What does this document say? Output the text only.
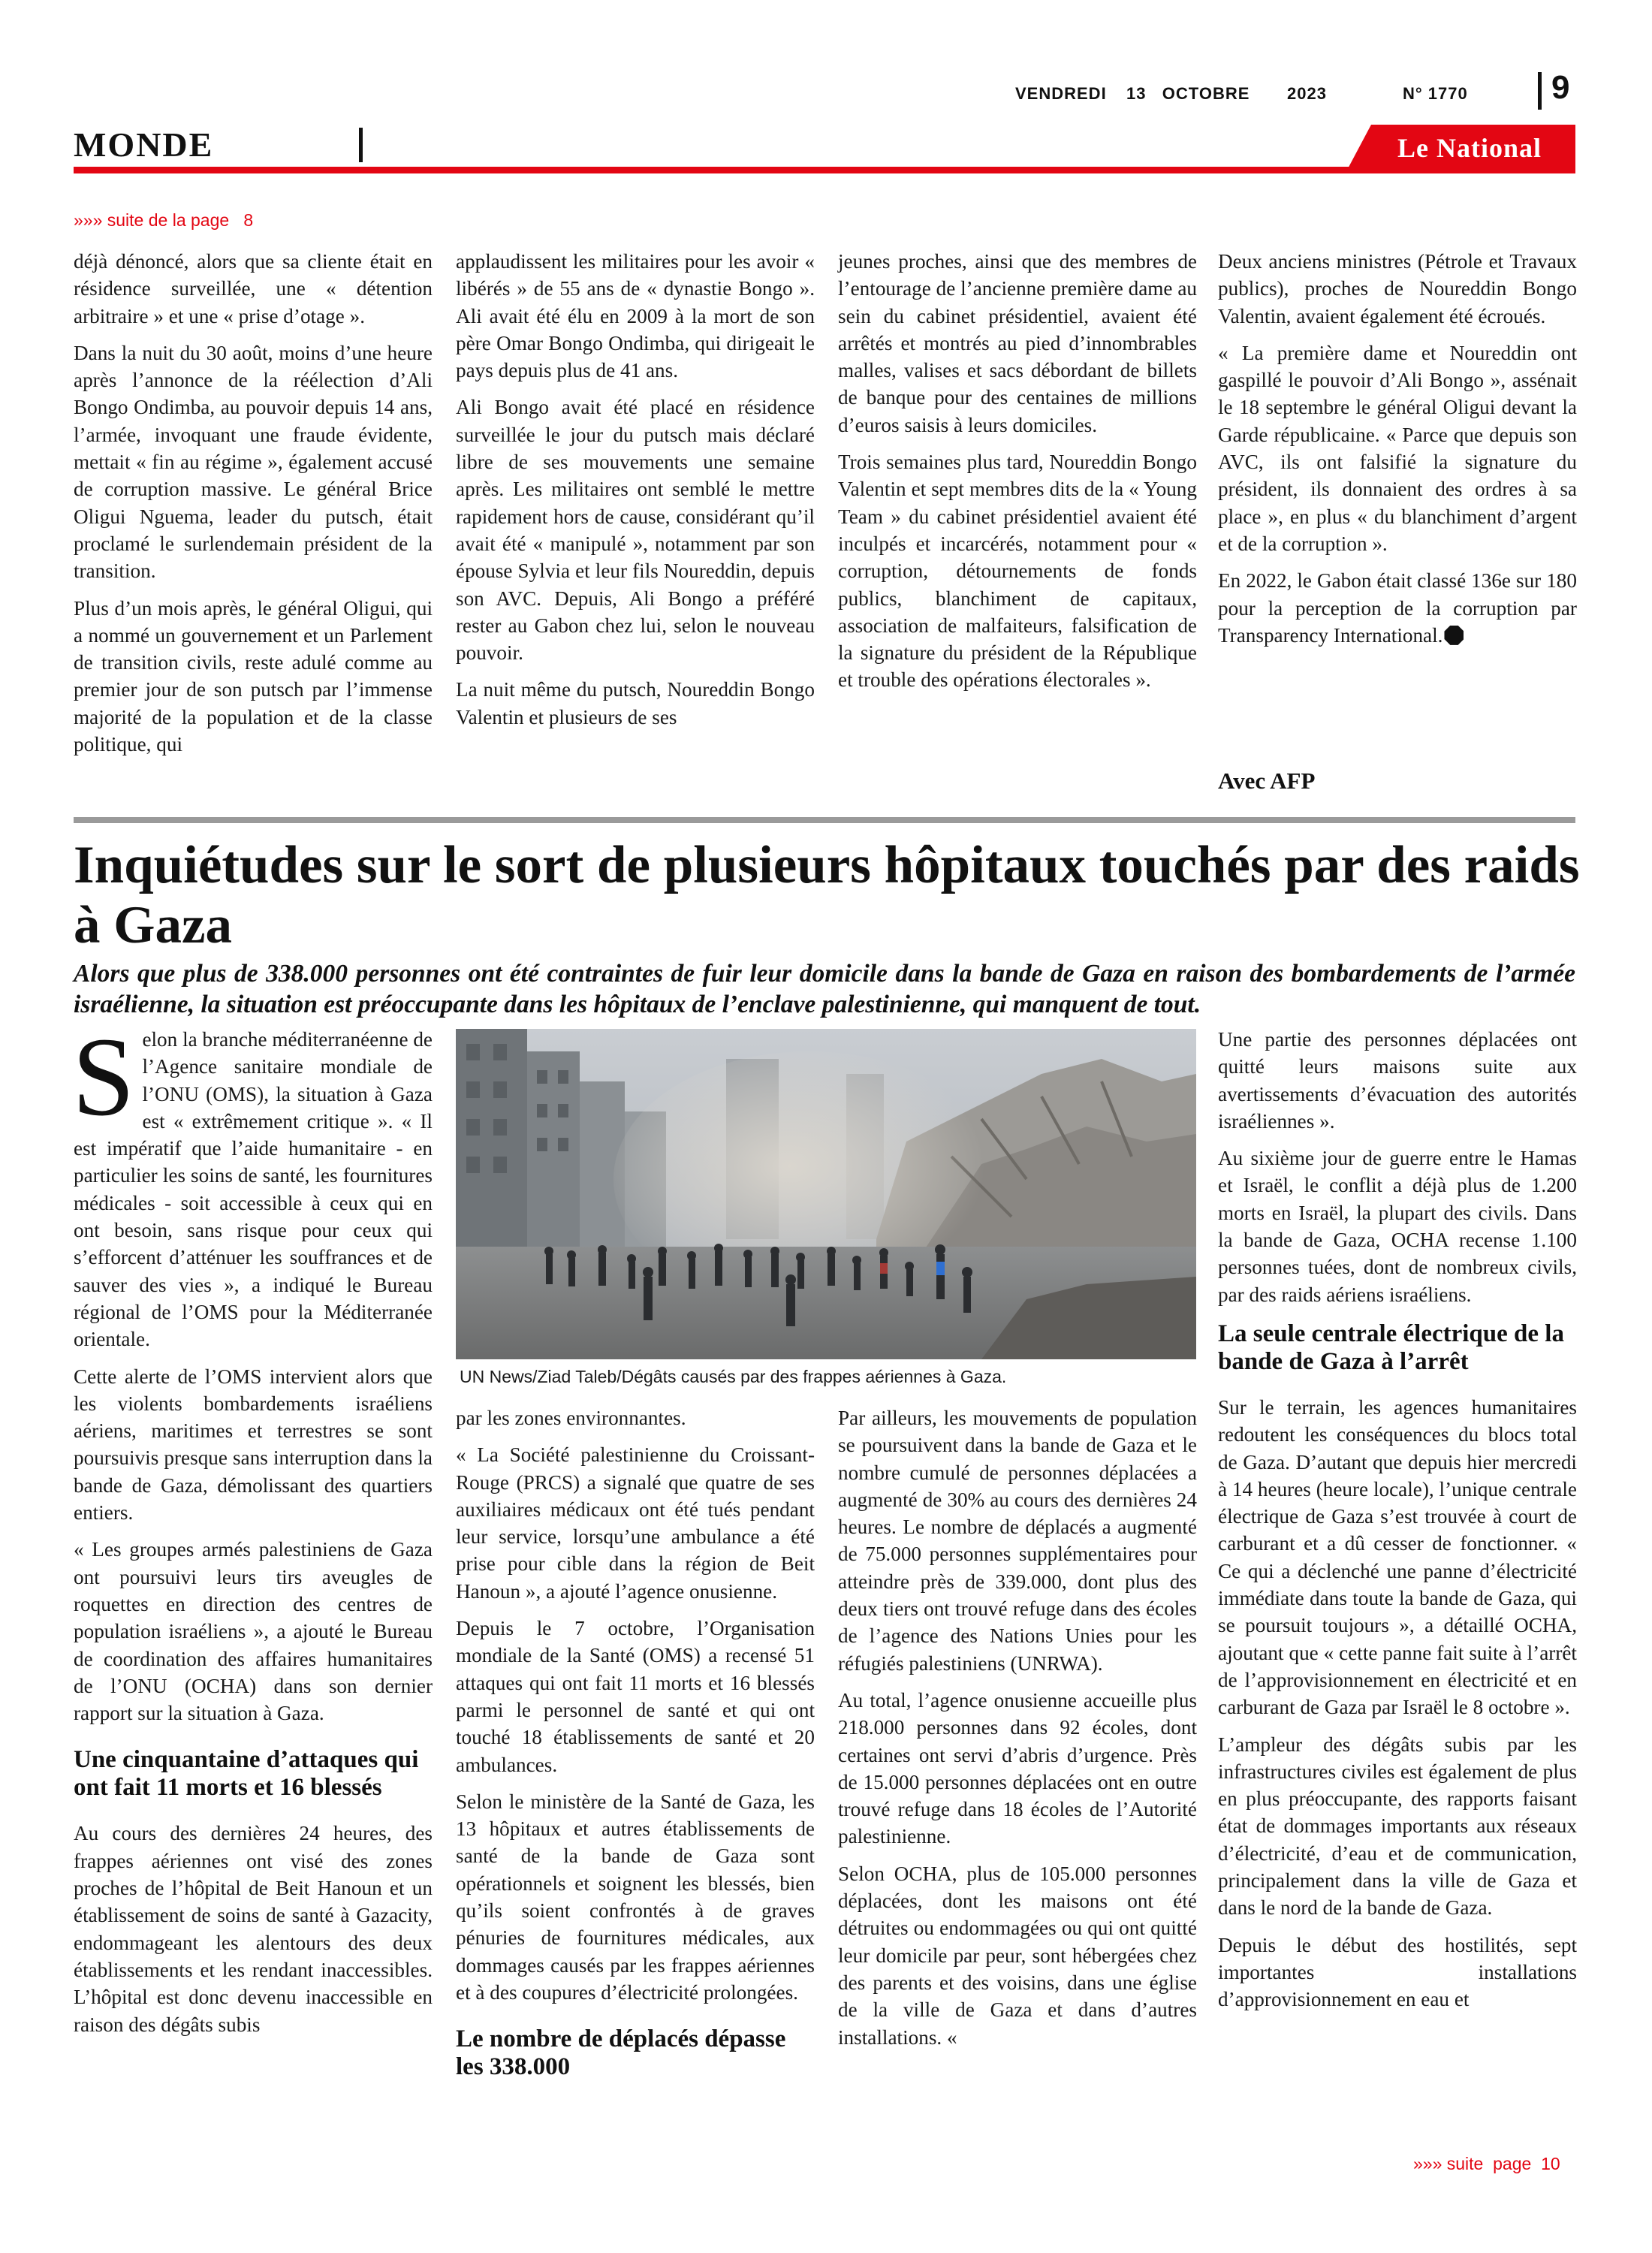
VENDREDI 13   OCTOBRE 2023	N° 1770	9
MONDE	Le National
»»» suite de la page   8

déjà dénoncé, alors que sa cliente était en résidence surveillée, une « détention arbitraire » et une « prise d’otage ».

Dans la nuit du 30 août, moins d’une heure après l’annonce de la réélection d’Ali Bongo Ondimba, au pouvoir depuis 14 ans, l’armée, invoquant une fraude évidente, mettait « fin au régime », également accusé de corruption massive. Le général Brice Oligui Nguema, leader du putsch, était proclamé le surlendemain président de la transition.

Plus d’un mois après, le général Oligui, qui a nommé un gouvernement et un Parlement de transition civils, reste adulé comme au premier jour de son putsch par l’immense majorité de la population et de la classe politique, qui

applaudissent les militaires pour les avoir « libérés » de 55 ans de « dynastie Bongo ». Ali avait été élu en 2009 à la mort de son père Omar Bongo Ondimba, qui dirigeait le pays depuis plus de 41 ans.

Ali Bongo avait été placé en résidence surveillée le jour du putsch mais déclaré libre de ses mouvements une semaine après. Les militaires ont semblé le mettre rapidement hors de cause, considérant qu’il avait été « manipulé », notamment par son épouse Sylvia et leur fils Noureddin, depuis son AVC. Depuis, Ali Bongo a préféré rester au Gabon chez lui, selon le nouveau pouvoir.

La nuit même du putsch, Noureddin Bongo Valentin et plusieurs de ses

jeunes proches, ainsi que des membres de l’entourage de l’ancienne première dame au sein du cabinet présidentiel, avaient été arrêtés et montrés au pied d’innombrables malles, valises et sacs débordant de billets de banque pour des centaines de millions d’euros saisis à leurs domiciles.

Trois semaines plus tard, Noureddin Bongo Valentin et sept membres dits de la « Young Team » du cabinet présidentiel avaient été inculpés et incarcérés, notamment pour « corruption, détournements de fonds publics, blanchiment de capitaux, association de malfaiteurs, falsification de la signature du président de la République et trouble des opérations électorales ».

Deux anciens ministres (Pétrole et Travaux publics), proches de Noureddin Bongo Valentin, avaient également été écroués.

« La première dame et Noureddin ont gaspillé le pouvoir d’Ali Bongo », assénait le 18 septembre le général Oligui devant la Garde républicaine. « Parce que depuis son AVC, ils ont falsifié la signature du président, ils donnaient des ordres à sa place », en plus « du blanchiment d’argent et de la corruption ».

En 2022, le Gabon était classé 136e sur 180 pour la perception de la corruption par Transparency International.

Avec AFP
Inquiétudes sur le sort de plusieurs hôpitaux touchés par des raids à Gaza
Alors que plus de 338.000 personnes ont été contraintes de fuir leur domicile dans la bande de Gaza en raison des bombardements de l’armée israélienne, la situation est préoccupante dans les hôpitaux de l’enclave palestinienne, qui manquent de tout.

Selon la branche méditerranéenne de l’Agence sanitaire mondiale de l’ONU (OMS), la situation à Gaza est « extrêmement critique ». « Il est impératif que l’aide humanitaire - en particulier les soins de santé, les fournitures médicales - soit accessible à ceux qui en ont besoin, sans risque pour ceux qui s’efforcent d’atténuer les souffrances et de sauver des vies », a indiqué le Bureau régional de l’OMS pour la Méditerranée orientale.

Cette alerte de l’OMS intervient alors que les violents bombardements israéliens aériens, maritimes et terrestres se sont poursuivis presque sans interruption dans la bande de Gaza, démolissant des quartiers entiers.

« Les groupes armés palestiniens de Gaza ont poursuivi leurs tirs aveugles de roquettes en direction des centres de population israéliens », a ajouté le Bureau de coordination des affaires humanitaires de l’ONU (OCHA) dans son dernier rapport sur la situation à Gaza.

Une cinquantaine d’attaques qui ont fait 11 morts et 16 blessés

Au cours des dernières 24 heures, des frappes aériennes ont visé des zones proches de l’hôpital de Beit Hanoun et un établissement de soins de santé à Gazacity, endommageant les alentours des deux établissements et les rendant inaccessibles. L’hôpital est donc devenu inaccessible en raison des dégâts subis

UN News/Ziad Taleb/Dégâts causés par des frappes aériennes à Gaza.

par les zones environnantes.

« La Société palestinienne du Croissant-Rouge (PRCS) a signalé que quatre de ses auxiliaires médicaux ont été tués pendant leur service, lorsqu’une ambulance a été prise pour cible dans la région de Beit Hanoun », a ajouté l’agence onusienne.

Depuis le 7 octobre, l’Organisation mondiale de la Santé (OMS) a recensé 51 attaques qui ont fait 11 morts et 16 blessés parmi le personnel de santé et qui ont touché 18 établissements de santé et 20 ambulances.

Selon le ministère de la Santé de Gaza, les 13 hôpitaux et autres établissements de santé de la bande de Gaza sont opérationnels et soignent les blessés, bien qu’ils soient confrontés à de graves pénuries de fournitures médicales, aux dommages causés par les frappes aériennes et à des coupures d’électricité prolongées.

Le nombre de déplacés dépasse les 338.000

Par ailleurs, les mouvements de population se poursuivent dans la bande de Gaza et le nombre cumulé de personnes déplacées a augmenté de 30% au cours des dernières 24 heures. Le nombre de déplacés a augmenté de 75.000 personnes supplémentaires pour atteindre près de 339.000, dont plus des deux tiers ont trouvé refuge dans des écoles de l’agence des Nations Unies pour les réfugiés palestiniens (UNRWA).

Au total, l’agence onusienne accueille plus 218.000 personnes dans 92 écoles, dont certaines ont servi d’abris d’urgence. Près de 15.000 personnes déplacées ont en outre trouvé refuge dans 18 écoles de l’Autorité palestinienne.

Selon OCHA, plus de 105.000 personnes déplacées, dont les maisons ont été détruites ou endommagées ou qui ont quitté leur domicile par peur, sont hébergées chez des parents et des voisins, dans une église de la ville de Gaza et dans d’autres installations. «

Une partie des personnes déplacées ont quitté leurs maisons suite aux avertissements d’évacuation des autorités israéliennes ».

Au sixième jour de guerre entre le Hamas et Israël, le conflit a déjà plus de 1.200 morts en Israël, la plupart des civils. Dans la bande de Gaza, OCHA recense 1.100 personnes tuées, dont de nombreux civils, par des raids aériens israéliens.

La seule centrale électrique de la bande de Gaza à l’arrêt

Sur le terrain, les agences humanitaires redoutent les conséquences du blocs total de Gaza. D’autant que depuis hier mercredi à 14 heures (heure locale), l’unique centrale électrique de Gaza s’est trouvée à court de carburant et a dû cesser de fonctionner. « Ce qui a déclenché une panne d’électricité immédiate dans toute la bande de Gaza, qui se poursuit toujours », a détaillé OCHA, ajoutant que « cette panne fait suite à l’arrêt de l’approvisionnement en électricité et en carburant de Gaza par Israël le 8 octobre ».

L’ampleur des dégâts subis par les infrastructures civiles est également de plus en plus préoccupante, des rapports faisant état de dommages importants aux réseaux d’électricité, d’eau et de communication, principalement dans la ville de Gaza et dans le nord de la bande de Gaza.

Depuis le début des hostilités, sept importantes installations d’approvisionnement en eau et

»»» suite  page  10
